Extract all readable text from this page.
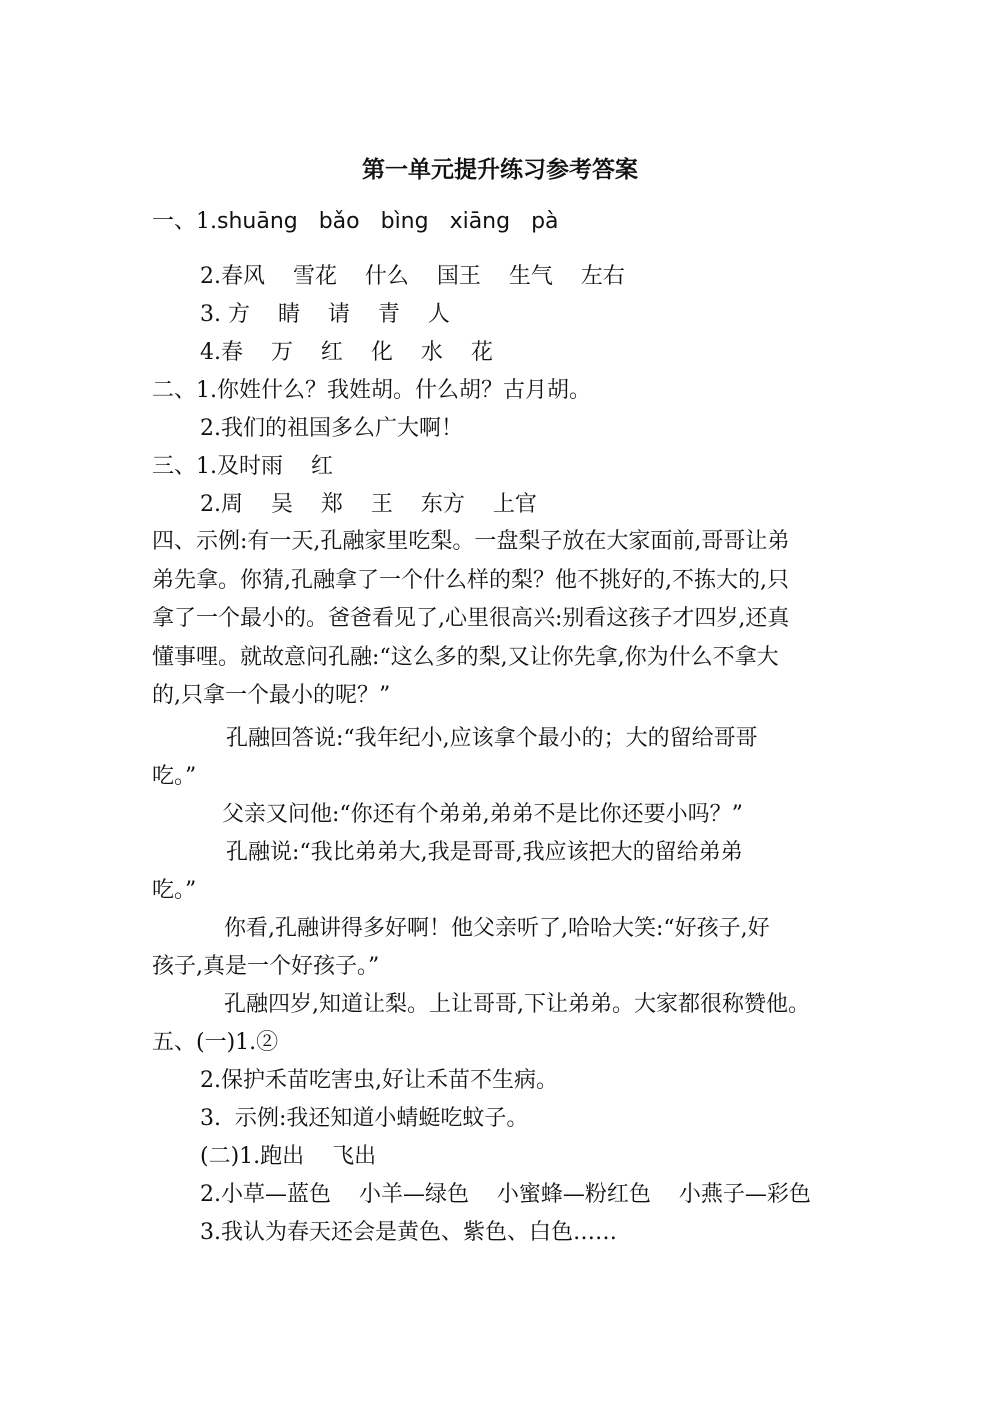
第一单元提升练习参考答案
一、1.shuāng   bǎo   bìng   xiāng   pà
2.春风    雪花    什么    国王    生气    左右
3. 方    睛    请    青    人
4.春    万    红    化    水    花
二、1.你姓什么？我姓胡。什么胡？古月胡。
2.我们的祖国多么广大啊！
三、1.及时雨    红
2.周    吴    郑    王    东方    上官
四、示例:有一天,孔融家里吃梨。一盘梨子放在大家面前,哥哥让弟
弟先拿。你猜,孔融拿了一个什么样的梨？他不挑好的,不拣大的,只
拿了一个最小的。爸爸看见了,心里很高兴:别看这孩子才四岁,还真
懂事哩。就故意问孔融:“这么多的梨,又让你先拿,你为什么不拿大
的,只拿一个最小的呢？”
孔融回答说:“我年纪小,应该拿个最小的；大的留给哥哥
吃。”
父亲又问他:“你还有个弟弟,弟弟不是比你还要小吗？”
孔融说:“我比弟弟大,我是哥哥,我应该把大的留给弟弟
吃。”
你看,孔融讲得多好啊！他父亲听了,哈哈大笑:“好孩子,好
孩子,真是一个好孩子。”
孔融四岁,知道让梨。上让哥哥,下让弟弟。大家都很称赞他。
五、(一)1.②
2.保护禾苗吃害虫,好让禾苗不生病。
3.  示例:我还知道小蜻蜓吃蚊子。
(二)1.跑出    飞出
2.小草—蓝色    小羊—绿色    小蜜蜂—粉红色    小燕子—彩色
3.我认为春天还会是黄色、紫色、白色……
